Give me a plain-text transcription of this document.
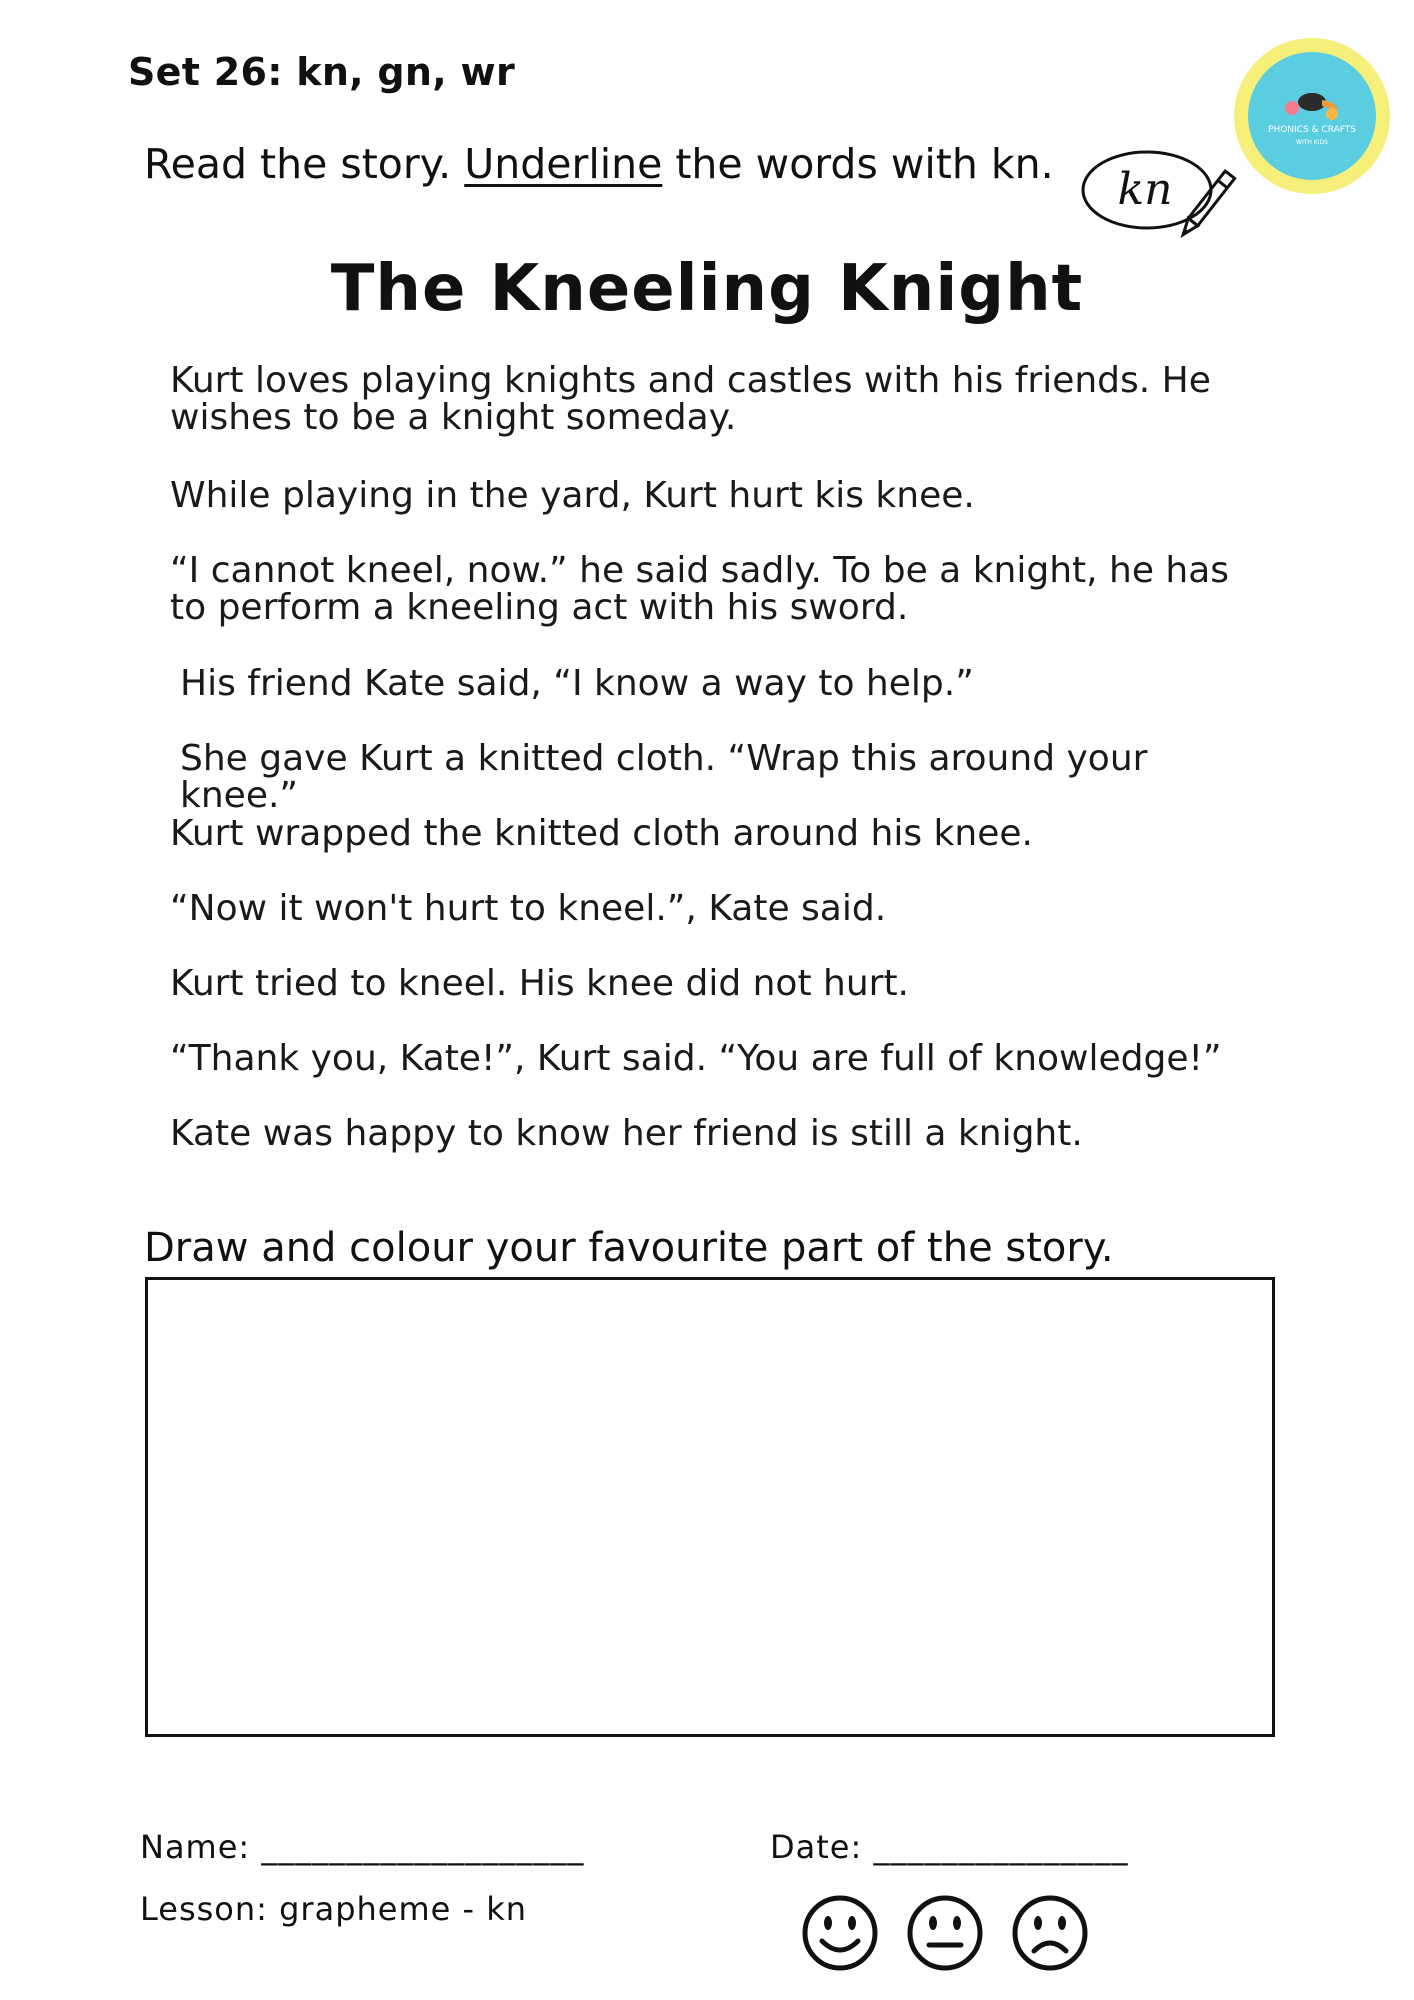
Set 26: kn, gn, wr
Read the story. Underline the words with kn.
PHONICS & CRAFTS
WITH KIDS
kn
The Kneeling Knight
Kurt loves playing knights and castles with his friends. He wishes to be a knight someday.
While playing in the yard, Kurt hurt kis knee.
“I cannot kneel, now.” he said sadly. To be a knight, he has to perform a kneeling act with his sword.
His friend Kate said, “I know a way to help.”
She gave Kurt a knitted cloth. “Wrap this around your knee.”
Kurt wrapped the knitted cloth around his knee.
“Now it won't hurt to kneel.”, Kate said.
Kurt tried to kneel. His knee did not hurt.
“Thank you, Kate!”, Kurt said. “You are full of knowledge!”
Kate was happy to know her friend is still a knight.
Draw and colour your favourite part of the story.
Name: ___________________	Date: _______________
Lesson: grapheme - kn
